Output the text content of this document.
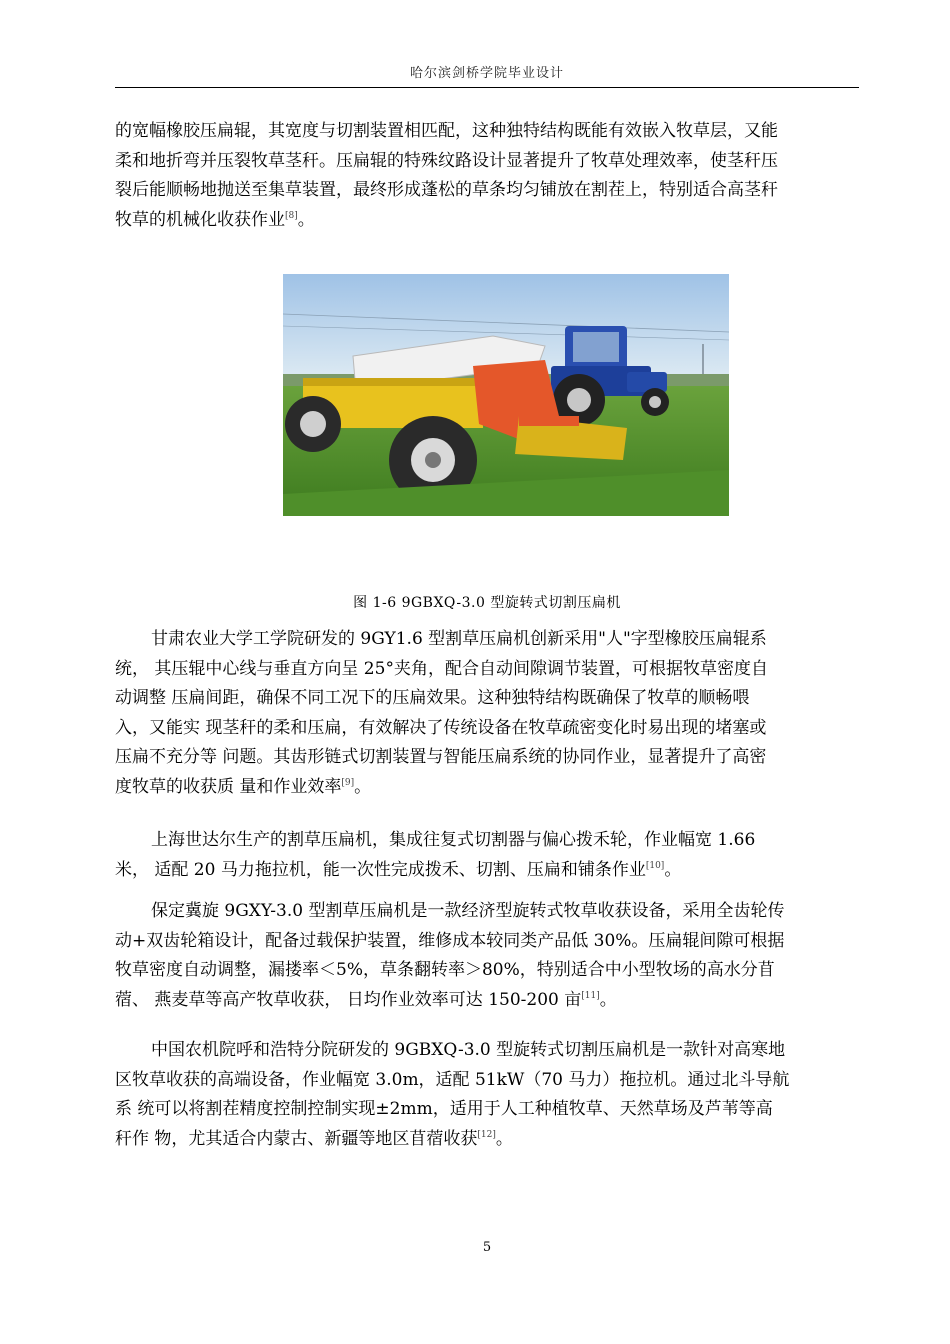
哈尔滨剑桥学院毕业设计

的宽幅橡胶压扁辊，其宽度与切割装置相匹配，这种独特结构既能有效嵌入牧草层，又能
柔和地折弯并压裂牧草茎秆。压扁辊的特殊纹路设计显著提升了牧草处理效率，使茎秆压
裂后能顺畅地抛送至集草装置，最终形成蓬松的草条均匀铺放在割茬上，特别适合高茎秆
牧草的机械化收获作业[8]。

图 1-6 9GBXQ-3.0 型旋转式切割压扁机

甘肃农业大学工学院研发的 9GY1.6 型割草压扁机创新采用"人"字型橡胶压扁辊系
统， 其压辊中心线与垂直方向呈 25°夹角，配合自动间隙调节装置，可根据牧草密度自
动调整 压扁间距，确保不同工况下的压扁效果。这种独特结构既确保了牧草的顺畅喂
入，又能实 现茎秆的柔和压扁，有效解决了传统设备在牧草疏密变化时易出现的堵塞或
压扁不充分等 问题。其齿形链式切割装置与智能压扁系统的协同作业，显著提升了高密
度牧草的收获质 量和作业效率[9]。

上海世达尔生产的割草压扁机，集成往复式切割器与偏心拨禾轮，作业幅宽 1.66
米， 适配 20 马力拖拉机，能一次性完成拨禾、切割、压扁和铺条作业[10]。

保定冀旋 9GXY-3.0 型割草压扁机是一款经济型旋转式牧草收获设备，采用全齿轮传
动+双齿轮箱设计，配备过载保护装置，维修成本较同类产品低 30%。压扁辊间隙可根据
牧草密度自动调整，漏搂率＜5%，草条翻转率＞80%，特别适合中小型牧场的高水分苜
蓿、 燕麦草等高产牧草收获， 日均作业效率可达 150-200 亩[11]。

中国农机院呼和浩特分院研发的 9GBXQ-3.0 型旋转式切割压扁机是一款针对高寒地
区牧草收获的高端设备，作业幅宽 3.0m，适配 51kW（70 马力）拖拉机。通过北斗导航
系 统可以将割茬精度控制控制实现±2mm，适用于人工种植牧草、天然草场及芦苇等高
秆作 物，尤其适合内蒙古、新疆等地区苜蓿收获[12]。

5
